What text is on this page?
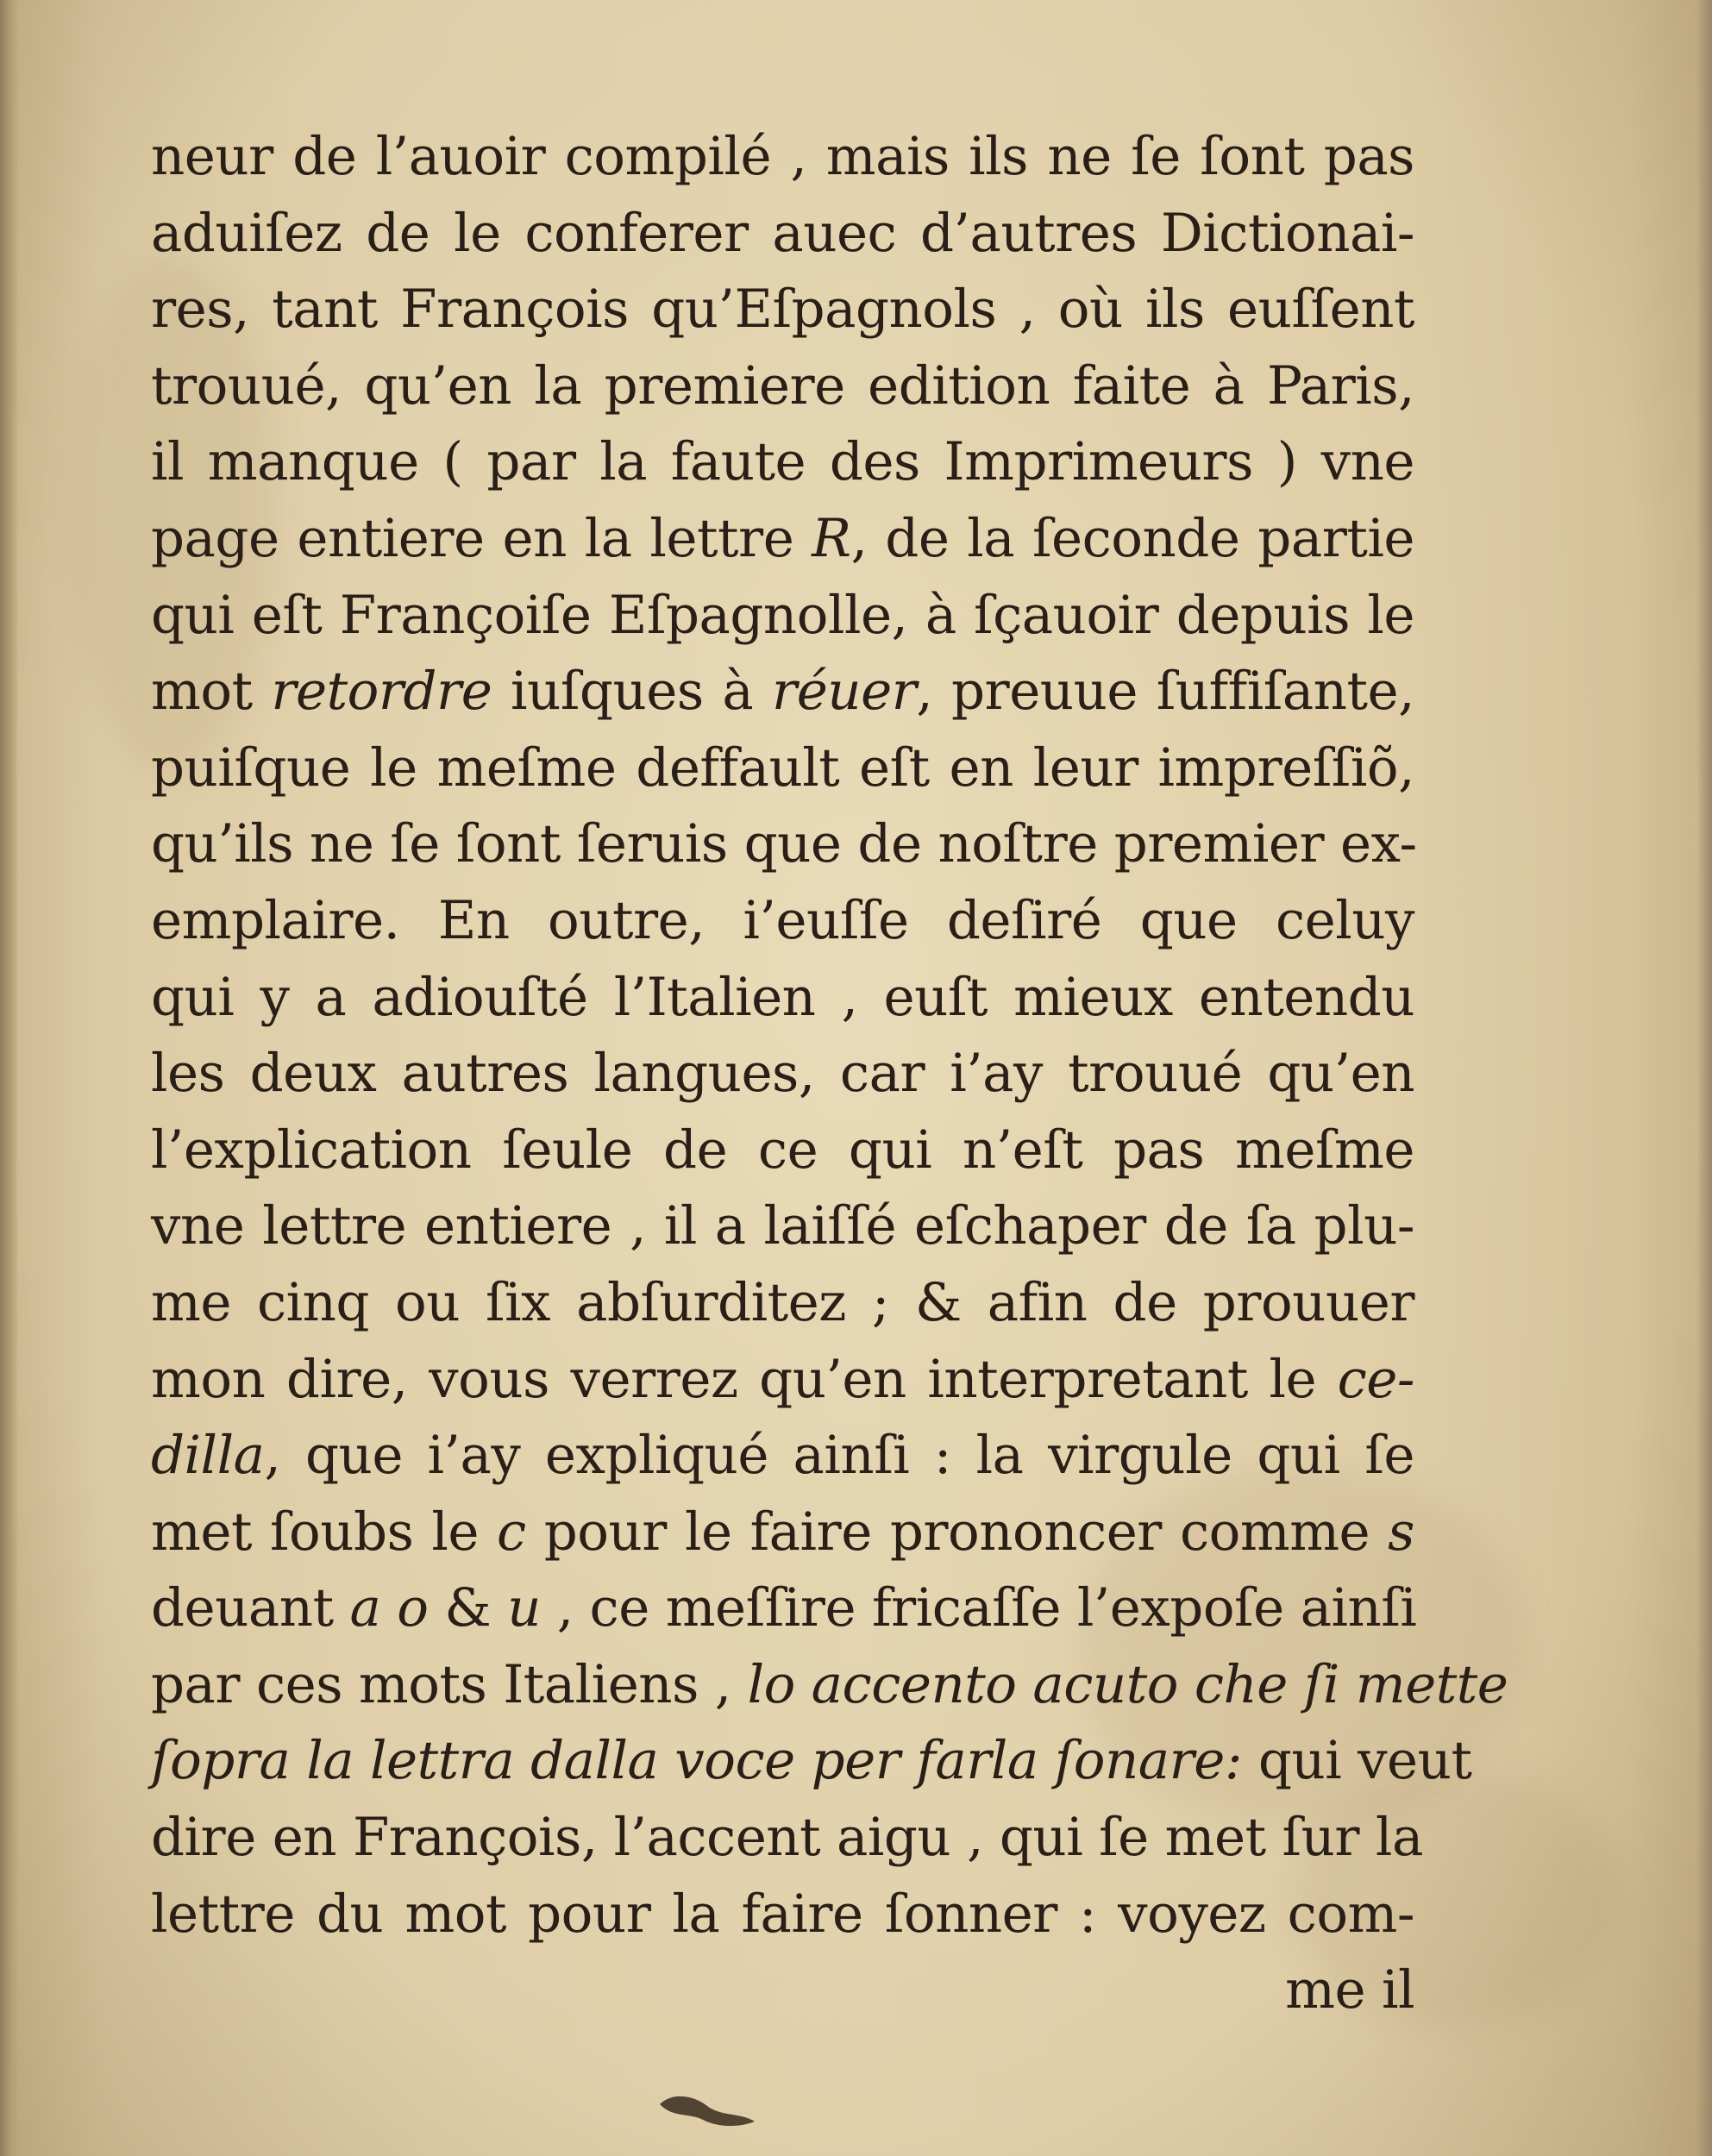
neur de l’auoir compilé , mais ils ne ſe ſont pas
aduiſez de le conferer auec d’autres Dictionai-
res, tant François qu’Eſpagnols , où ils euſſent
trouué, qu’en la premiere edition faite à Paris,
il manque ( par la faute des Imprimeurs ) vne
page entiere en la lettre R, de la ſeconde partie
qui eſt Françoiſe Eſpagnolle, à ſçauoir depuis le
mot retordre iuſques à réuer, preuue ſuffiſante,
puiſque le meſme deffault eſt en leur impreſſiõ,
qu’ils ne ſe ſont ſeruis que de noſtre premier ex-
emplaire. En outre, i’euſſe deſiré que celuy
qui y a adiouſté l’Italien , euſt mieux entendu
les deux autres langues, car i’ay trouué qu’en
l’explication ſeule de ce qui n’eſt pas meſme
vne lettre entiere , il a laiſſé eſchaper de ſa plu-
me cinq ou ſix abſurditez ; & afin de prouuer
mon dire, vous verrez qu’en interpretant le ce-
dilla, que i’ay expliqué ainſi : la virgule qui ſe
met ſoubs le c pour le faire prononcer comme s
deuant a o & u , ce meſſire fricaſſe l’expoſe ainſi
par ces mots Italiens , lo accento acuto che ſi mette
ſopra la lettra dalla voce per farla ſonare: qui veut
dire en François, l’accent aigu , qui ſe met ſur la
lettre du mot pour la faire ſonner : voyez com-
me il
